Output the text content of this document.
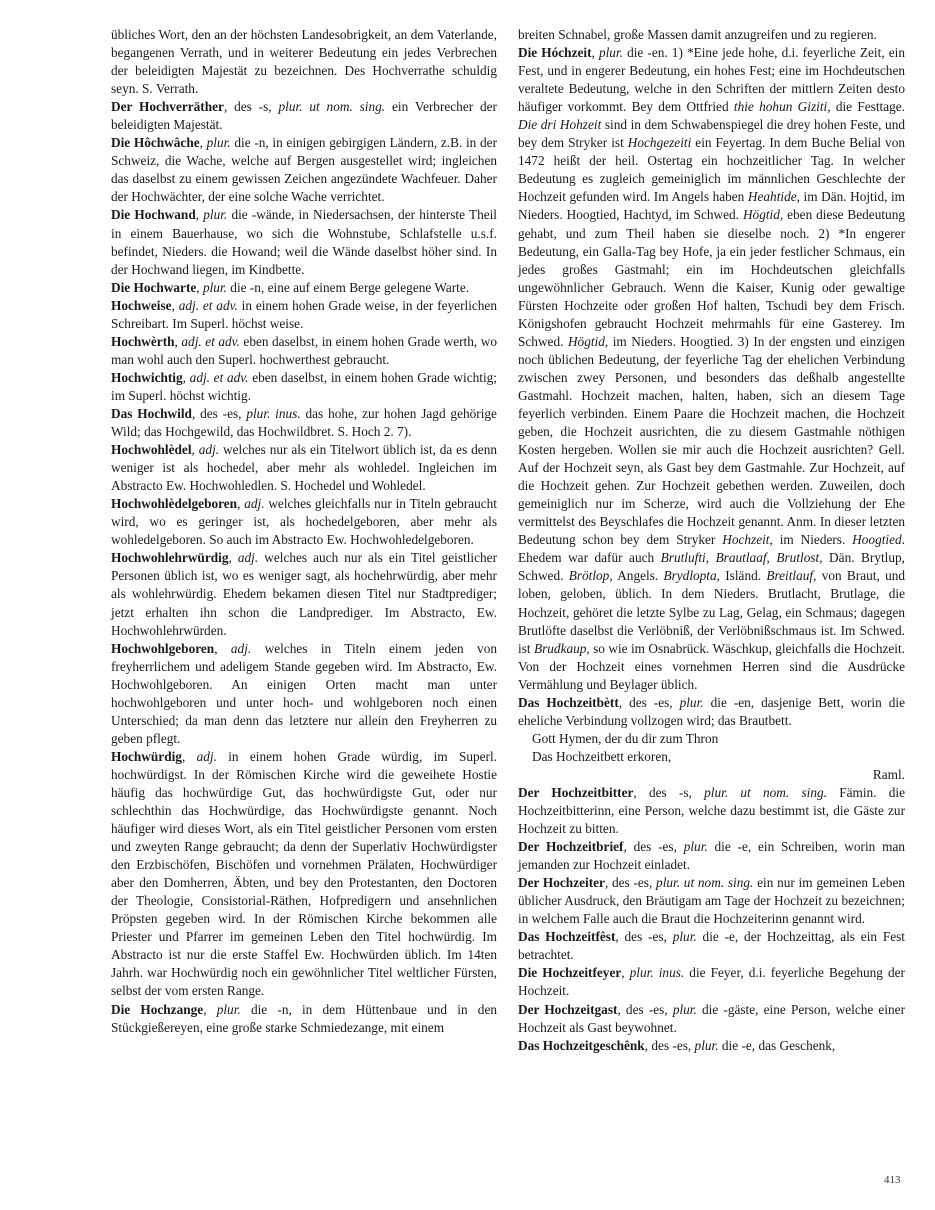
übliches Wort, den an der höchsten Landesobrigkeit, an dem Vaterlande, begangenen Verrath, und in weiterer Bedeutung ein jedes Verbrechen der beleidigten Majestät zu bezeichnen. Des Hochverrathe schuldig seyn. S. Verrath.

Der Hochverräther, des -s, plur. ut nom. sing. ein Verbrecher der beleidigten Majestät.

Die Hôchwâche, plur. die -n, in einigen gebirgigen Ländern, z.B. in der Schweiz, die Wache, welche auf Bergen ausgestellet wird; ingleichen das daselbst zu einem gewissen Zeichen angezündete Wachfeuer. Daher der Hochwächter, der eine solche Wache verrichtet.

Die Hochwand, plur. die -wände, in Niedersachsen, der hinterste Theil in einem Bauerhause, wo sich die Wohnstube, Schlafstelle u.s.f. befindet, Nieders. die Howand; weil die Wände daselbst höher sind. In der Hochwand liegen, im Kindbette.

Die Hochwarte, plur. die -n, eine auf einem Berge gelegene Warte.

Hochweise, adj. et adv. in einem hohen Grade weise, in der feyerlichen Schreibart. Im Superl. höchst weise.

Hochwèrth, adj. et adv. eben daselbst, in einem hohen Grade werth, wo man wohl auch den Superl. hochwerthest gebraucht.

Hochwichtig, adj. et adv. eben daselbst, in einem hohen Grade wichtig; im Superl. höchst wichtig.

Das Hochwild, des -es, plur. inus. das hohe, zur hohen Jagd gehörige Wild; das Hochgewild, das Hochwildbret. S. Hoch 2. 7).

Hochwohlèdel, adj. welches nur als ein Titelwort üblich ist, da es denn weniger ist als hochedel, aber mehr als wohledel. Ingleichen im Abstracto Ew. Hochwohledlen. S. Hochedel und Wohledel.

Hochwohlèdelgeboren, adj. welches gleichfalls nur in Titeln gebraucht wird, wo es geringer ist, als hochedelgeboren, aber mehr als wohledelgeboren. So auch im Abstracto Ew. Hochwohledelgeboren.

Hochwohlehrwürdig, adj. welches auch nur als ein Titel geistlicher Personen üblich ist, wo es weniger sagt, als hochehrwürdig, aber mehr als wohlehrwürdig. Ehedem bekamen diesen Titel nur Stadtprediger; jetzt erhalten ihn schon die Landprediger. Im Abstracto, Ew. Hochwohlehrwürden.

Hochwohlgeboren, adj. welches in Titeln einem jeden von freyherrlichem und adeligem Stande gegeben wird. Im Abstracto, Ew. Hochwohlgeboren. An einigen Orten macht man unter hochwohlgeboren und unter hoch- und wohlgeboren noch einen Unterschied; da man denn das letztere nur allein den Freyherren zu geben pflegt.

Hochwürdig, adj. in einem hohen Grade würdig, im Superl. hochwürdigst. In der Römischen Kirche wird die geweihete Hostie häufig das hochwürdige Gut, das hochwürdigste Gut, oder nur schlechthin das Hochwürdige, das Hochwürdigste genannt. Noch häufiger wird dieses Wort, als ein Titel geistlicher Personen vom ersten und zweyten Range gebraucht; da denn der Superlativ Hochwürdigster den Erzbischöfen, Bischöfen und vornehmen Prälaten, Hochwürdiger aber den Domherren, Äbten, und bey den Protestanten, den Doctoren der Theologie, Consistorial-Räthen, Hofpredigern und ansehnlichen Pröpsten gegeben wird. In der Römischen Kirche bekommen alle Priester und Pfarrer im gemeinen Leben den Titel hochwürdig. Im Abstracto ist nur die erste Staffel Ew. Hochwürden üblich. Im 14ten Jahrh. war Hochwürdig noch ein gewöhnlicher Titel weltlicher Fürsten, selbst der vom ersten Range.

Die Hochzange, plur. die -n, in dem Hüttenbaue und in den Stückgießereyen, eine große starke Schmiedezange, mit einem

breiten Schnabel, große Massen damit anzugreifen und zu regieren.

Die Hóchzeit, plur. die -en. 1) *Eine jede hohe, d.i. feyerliche Zeit, ein Fest, und in engerer Bedeutung, ein hohes Fest; eine im Hochdeutschen veraltete Bedeutung, welche in den Schriften der mittlern Zeiten desto häufiger vorkommt. Bey dem Ottfried thie hohun Giziti, die Festtage. Die dri Hohzeit sind in dem Schwabenspiegel die drey hohen Feste, und bey dem Stryker ist Hochgezeiti ein Feyertag. In dem Buche Belial von 1472 heißt der heil. Ostertag ein hochzeitlicher Tag. In welcher Bedeutung es zugleich gemeiniglich im männlichen Geschlechte der Hochzeit gefunden wird. Im Angels haben Heahtide, im Dän. Hojtid, im Nieders. Hoogtied, Hachtyd, im Schwed. Högtid, eben diese Bedeutung gehabt, und zum Theil haben sie dieselbe noch. 2) *In engerer Bedeutung, ein Galla-Tag bey Hofe, ja ein jeder festlicher Schmaus, ein jedes großes Gastmahl; ein im Hochdeutschen gleichfalls ungewöhnlicher Gebrauch. Wenn die Kaiser, Kunig oder gewaltige Fürsten Hochzeite oder großen Hof halten, Tschudi bey dem Frisch. Königshofen gebraucht Hochzeit mehrmahls für eine Gasterey. Im Schwed. Högtid, im Nieders. Hoogtied. 3) In der engsten und einzigen noch üblichen Bedeutung, der feyerliche Tag der ehelichen Verbindung zwischen zwey Personen, und besonders das deßhalb angestellte Gastmahl. Hochzeit machen, halten, haben, sich an diesem Tage feyerlich verbinden. Einem Paare die Hochzeit machen, die Hochzeit geben, die Hochzeit ausrichten, die zu diesem Gastmahle nöthigen Kosten hergeben. Wollen sie mir auch die Hochzeit ausrichten? Gell. Auf der Hochzeit seyn, als Gast bey dem Gastmahle. Zur Hochzeit, auf die Hochzeit gehen. Zur Hochzeit gebethen werden. Zuweilen, doch gemeiniglich nur im Scherze, wird auch die Vollziehung der Ehe vermittelst des Beyschlafes die Hochzeit genannt. Anm. In dieser letzten Bedeutung schon bey dem Stryker Hochzeit, im Nieders. Hoogtied. Ehedem war dafür auch Brutlufti, Brautlaaf, Brutlost, Dän. Brytlup, Schwed. Brötlop, Angels. Brydlopta, Isländ. Breitlauf, von Braut, und loben, geloben, üblich. In dem Nieders. Brutlacht, Brutlage, die Hochzeit, gehöret die letzte Sylbe zu Lag, Gelag, ein Schmaus; dagegen Brutlöfte daselbst die Verlöbniß, der Verlöbnißschmaus ist. Im Schwed. ist Brudkaup, so wie im Osnabrück. Wäschkup, gleichfalls die Hochzeit. Von der Hochzeit eines vornehmen Herren sind die Ausdrücke Vermählung und Beylager üblich.

Das Hochzeitbètt, des -es, plur. die -en, dasjenige Bett, worin die eheliche Verbindung vollzogen wird; das Brautbett.

Gott Hymen, der du dir zum Thron

Das Hochzeitbett erkoren,

Raml.

Der Hochzeitbitter, des -s, plur. ut nom. sing. Fämin. die Hochzeitbitterinn, eine Person, welche dazu bestimmt ist, die Gäste zur Hochzeit zu bitten.

Der Hochzeitbrief, des -es, plur. die -e, ein Schreiben, worin man jemanden zur Hochzeit einladet.

Der Hochzeiter, des -es, plur. ut nom. sing. ein nur im gemeinen Leben üblicher Ausdruck, den Bräutigam am Tage der Hochzeit zu bezeichnen; in welchem Falle auch die Braut die Hochzeiterinn genannt wird.

Das Hochzeitfêst, des -es, plur. die -e, der Hochzeittag, als ein Fest betrachtet.

Die Hochzeitfeyer, plur. inus. die Feyer, d.i. feyerliche Begehung der Hochzeit.

Der Hochzeitgast, des -es, plur. die -gäste, eine Person, welche einer Hochzeit als Gast beywohnet.

Das Hochzeitgeschênk, des -es, plur. die -e, das Geschenk,

413
